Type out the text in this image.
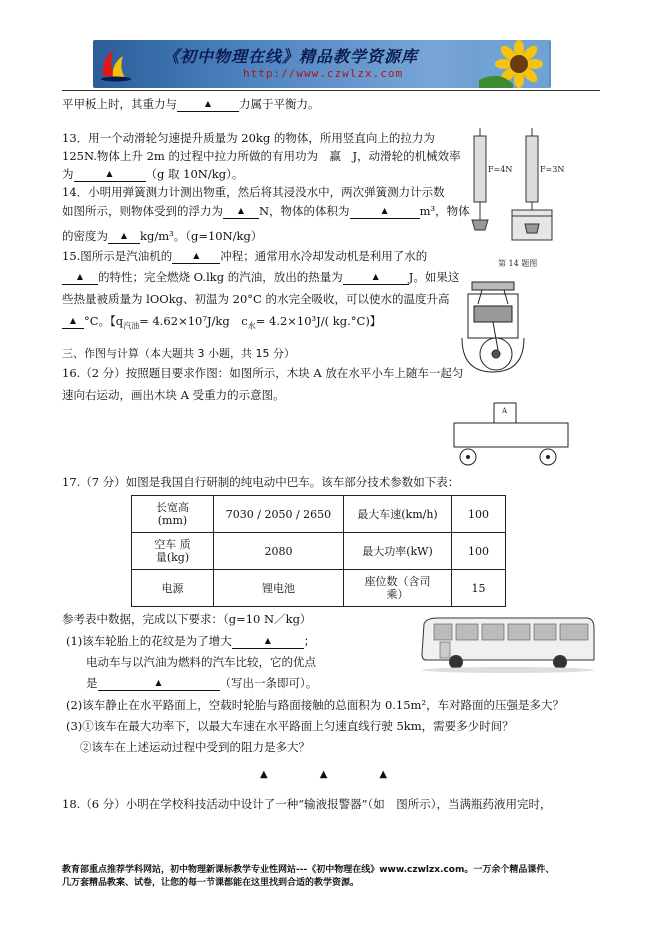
《初中物理在线》精品教学资源库
http://www.czwlzx.com
平甲板上时，其重力与	▲ 力属于平衡力。
13．用一个动滑轮匀速提升质量为 20kg 的物体，所用竖直向上的拉力为
125N.物体上升 2m 的过程中拉力所做的有用功为　 赢　 J，动滑轮的机械效率
为	▲	（g 取 10N/kg）。
14．小明用弹簧测力计测出物重，然后将其浸没水中，两次弹簧测力计示数
如图所示，则物体受到的浮力为 ▲ N，物体的体积为	▲	m³，物体
的密度为 ▲ kg/m³。（g=10N/kg）
15.图所示是汽油机的	▲ 冲程；通常用水冷却发动机是利用了水的
▲ 的特性；完全燃烧 O.lkg 的汽油，放出的热量为	▲	J。如果这
些热量被质量为 lOOkg、初温为 20°C 的水完全吸收，可以使水的温度升高
▲ °C。【$q_{汽油}= 4.62\times 10^7J/kg$　$c_水= 4.2\times 10^3J/$( kg.°C)】
F=4N	F=3N
第 14 题图
三、作图与计算（本大题共 3 小题，共 15 分）
16.（2 分）按照题目要求作图：如图所示，木块 A 放在水平小车上随车一起匀
速向右运动，画出木块 A 受重力的示意图。
A
17.（7 分）如图是我国自行研制的纯电动中巴车。该车部分技术参数如下表：
长宽高
(mm)	7030 / 2050 / 2650	最大车速(km/h)	100
空车 质
量(kg)	2080	最大功率(kW)	100
电源	锂电池	座位数（含司
乘）	15
参考表中数据，完成以下要求：（g=10 N／kg）
(1)该车轮胎上的花纹是为了增大	▲	；
电动车与以汽油为燃料的汽车比较，它的优点
是	▲	（写出一条即可）。
(2)该车静止在水平路面上，空载时轮胎与路面接触的总面积为 0.15m²，车对路面的压强是多大？
(3)①该车在最大功率下，以最大车速在水平路面上匀速直线行驶 5km，需要多少时间？
②该车在上述运动过程中受到的阻力是多大？
▲	▲	▲
18.（6 分）小明在学校科技活动中设计了一种“输液报警器”（如　图所示），当满瓶药液用完时，
教育部重点推荐学科网站，初中物理新课标教学专业性网站---《初中物理在线》www.czwlzx.com。一万余个精品课件、
几万套精品教案、试卷，让您的每一节课都能在这里找到合适的教学资源。
